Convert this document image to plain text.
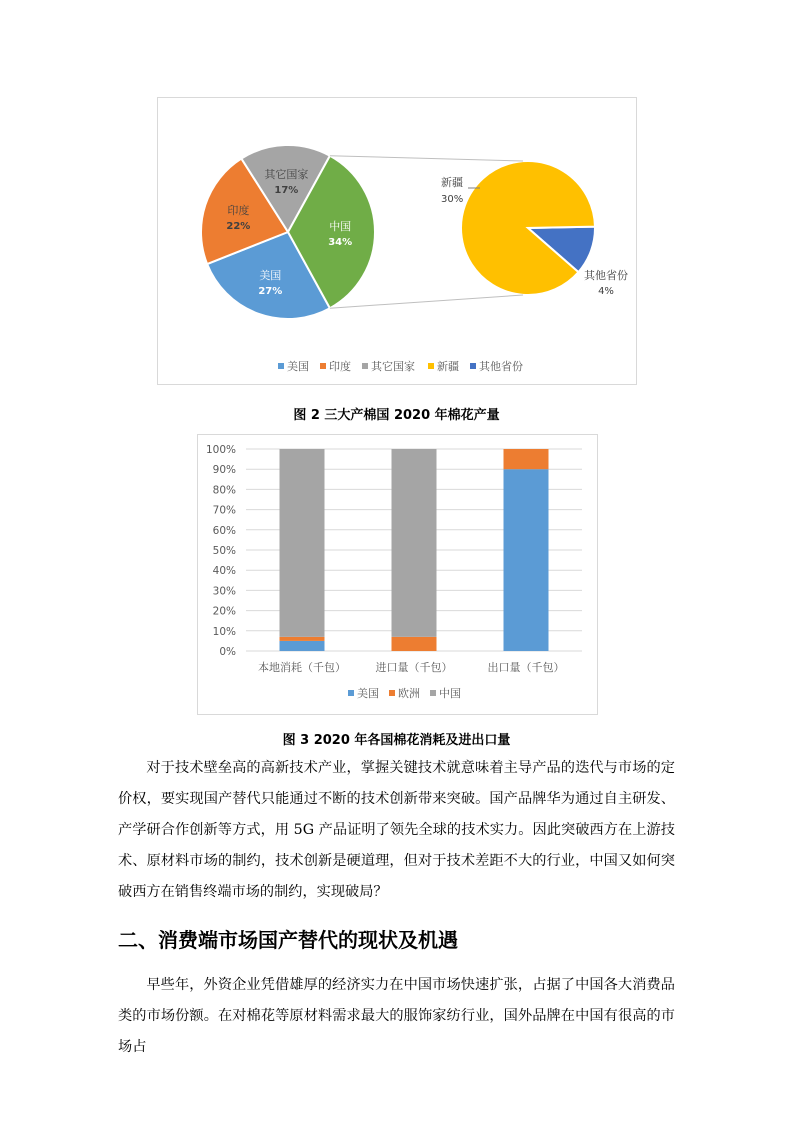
美国
27%
印度
22%
其它国家
17%
中国
34%
新疆
30%
其他省份
4%
美国 印度 其它国家 新疆 其他省份
图 2 三大产棉国 2020 年棉花产量
0%
10%
20%
30%
40%
50%
60%
70%
80%
90%
100%
本地消耗（千包）	进口量（千包）	出口量（千包）
美国 欧洲 中国
图 3 2020 年各国棉花消耗及进出口量

对于技术壁垒高的高新技术产业，掌握关键技术就意味着主导产品的迭代与市场的定价权，要实现国产替代只能通过不断的技术创新带来突破。国产品牌华为通过自主研发、产学研合作创新等方式，用 5G 产品证明了领先全球的技术实力。因此突破西方在上游技术、原材料市场的制约，技术创新是硬道理，但对于技术差距不大的行业，中国又如何突破西方在销售终端市场的制约，实现破局？

二、消费端市场国产替代的现状及机遇

早些年，外资企业凭借雄厚的经济实力在中国市场快速扩张，占据了中国各大消费品类的市场份额。在对棉花等原材料需求最大的服饰家纺行业，国外品牌在中国有很高的市场占
